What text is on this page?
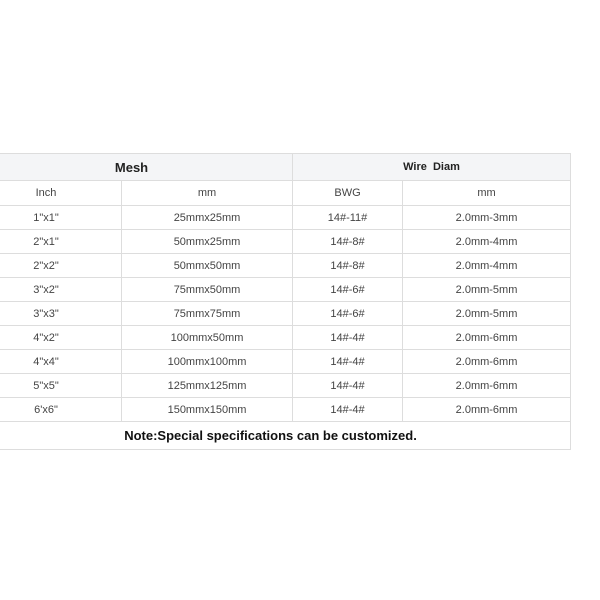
Mesh		Wire  Diam	
Inch	mm	BWG	mm
1"x1"	25mmx25mm	14#-11#	2.0mm-3mm
2"x1"	50mmx25mm	14#-8#	2.0mm-4mm
2"x2"	50mmx50mm	14#-8#	2.0mm-4mm
3"x2"	75mmx50mm	14#-6#	2.0mm-5mm
3"x3"	75mmx75mm	14#-6#	2.0mm-5mm
4"x2"	100mmx50mm	14#-4#	2.0mm-6mm
4"x4"	100mmx100mm	14#-4#	2.0mm-6mm
5"x5"	125mmx125mm	14#-4#	2.0mm-6mm
6'x6"	150mmx150mm	14#-4#	2.0mm-6mm
Note:Special specifications can be customized.			
